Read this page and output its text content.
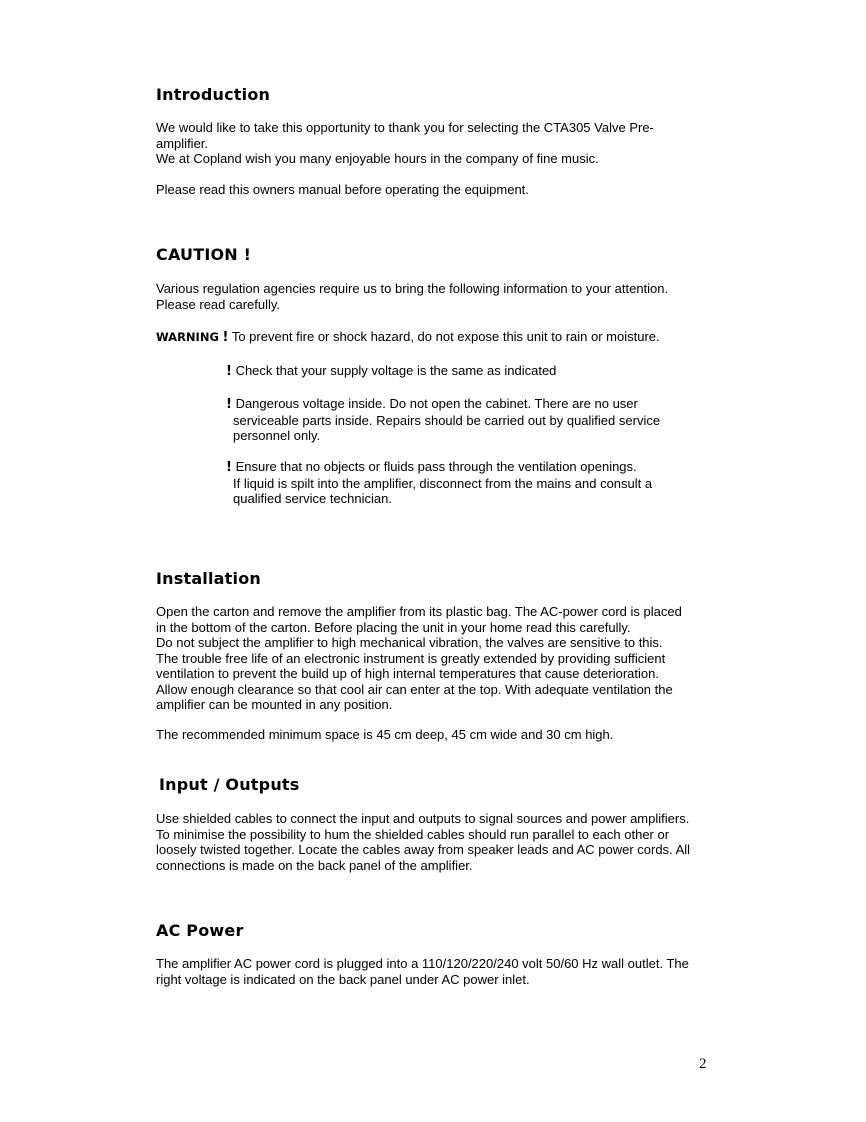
Introduction
We would like to take this opportunity to thank you for selecting the CTA305 Valve Pre-
amplifier.
We at Copland wish you many enjoyable hours in the company of fine music.
Please read this owners manual before operating the equipment.
CAUTION !
Various regulation agencies require us to bring the following information to your attention.
Please read carefully.
WARNING ! To prevent fire or shock hazard, do not expose this unit to rain or moisture.
! Check that your supply voltage is the same as indicated
! Dangerous voltage inside. Do not open the cabinet. There are no user
serviceable parts inside. Repairs should be carried out by qualified service
personnel only.
! Ensure that no objects or fluids pass through the ventilation openings.
If liquid is spilt into the amplifier, disconnect from the mains and consult a
qualified service technician.
Installation
Open the carton and remove the amplifier from its plastic bag. The AC-power cord is placed
in the bottom of the carton. Before placing the unit in your home read this carefully.
Do not subject the amplifier to high mechanical vibration, the valves are sensitive to this.
The trouble free life of an electronic instrument is greatly extended by providing sufficient
ventilation to prevent the build up of high internal temperatures that cause deterioration.
Allow enough clearance so that cool air can enter at the top. With adequate ventilation the
amplifier can be mounted in any position.
The recommended minimum space is 45 cm deep, 45 cm wide and 30 cm high.
Input / Outputs
Use shielded cables to connect the input and outputs to signal sources and power amplifiers.
To minimise the possibility to hum the shielded cables should run parallel to each other or
loosely twisted together. Locate the cables away from speaker leads and AC power cords. All
connections is made on the back panel of the amplifier.
AC Power
The amplifier AC power cord is plugged into a 110/120/220/240 volt 50/60 Hz wall outlet. The
right voltage is indicated on the back panel under AC power inlet.
2
